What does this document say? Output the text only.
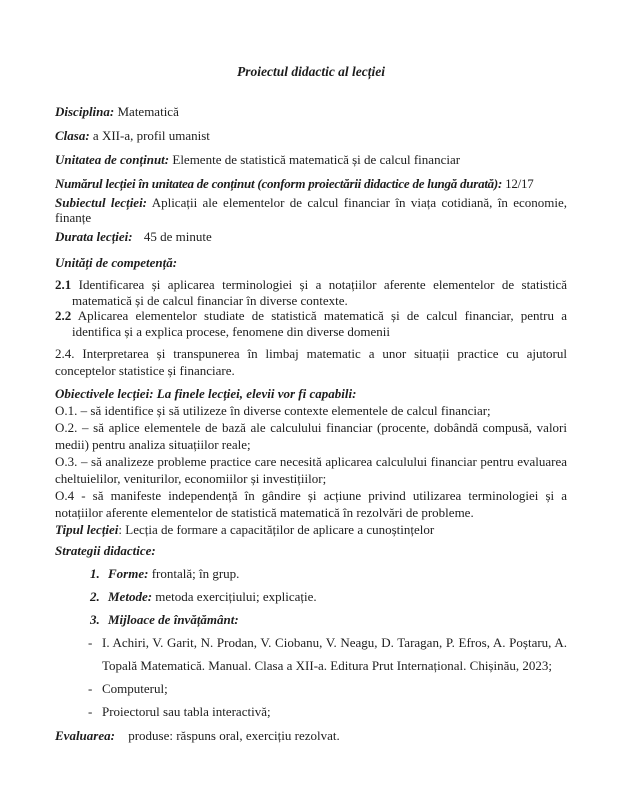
Proiectul didactic al lecției

Disciplina: Matematică

Clasa: a XII-a, profil umanist

Unitatea de conținut: Elemente de statistică matematică și de calcul financiar

Numărul lecției în unitatea de conținut (conform proiectării didactice de lungă durată): 12/17

Subiectul lecției: Aplicații ale elementelor de calcul financiar în viața cotidiană, în economie, finanțe

Durata lecției: 45 de minute

Unități de competență:

2.1 Identificarea și aplicarea terminologiei și a notațiilor aferente elementelor de statistică matematică și de calcul financiar în diverse contexte.

2.2 Aplicarea elementelor studiate de statistică matematică și de calcul financiar, pentru a identifica și a explica procese, fenomene din diverse domenii

2.4. Interpretarea și transpunerea în limbaj matematic a unor situații practice cu ajutorul conceptelor statistice și financiare.

Obiectivele lecției: La finele lecției, elevii vor fi capabili:

O.1. – să identifice și să utilizeze în diverse contexte elementele de calcul financiar;

O.2. – să aplice elementele de bază ale calculului financiar (procente, dobândă compusă, valori medii) pentru analiza situațiilor reale;

O.3. – să analizeze probleme practice care necesită aplicarea calculului financiar pentru evaluarea cheltuielilor, veniturilor, economiilor și investițiilor;

O.4 - să manifeste independență în gândire și acțiune privind utilizarea terminologiei și a notațiilor aferente elementelor de statistică matematică în rezolvări de probleme.

Tipul lecției: Lecția de formare a capacităților de aplicare a cunoștințelor

Strategii didactice:

1. Forme: frontală; în grup.
2. Metode: metoda exercițiului; explicație.
3. Mijloace de învățământ:
- I. Achiri, V. Garit, N. Prodan, V. Ciobanu, V. Neagu, D. Taragan, P. Efros, A. Poștaru, A. Topală Matematică. Manual. Clasa a XII-a. Editura Prut Internațional. Chișinău, 2023;
- Computerul;
- Proiectorul sau tabla interactivă;

Evaluarea: produse: răspuns oral, exercițiu rezolvat.
